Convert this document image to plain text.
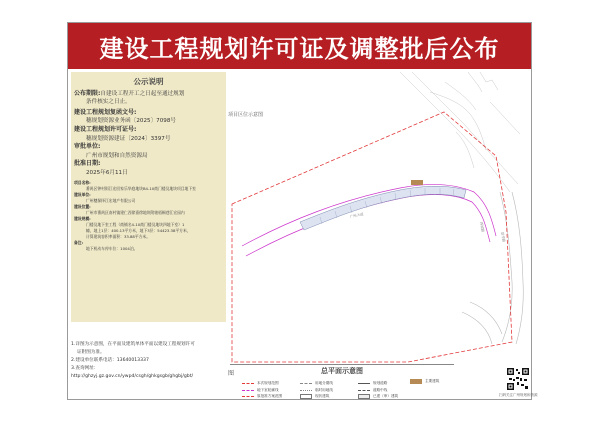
建设工程规划许可证及调整批后公布
公示说明
公布期限:自建设工程开工之日起至通过规划
条件核实之日止。
建设工程规划复函文号:
穗规划资源业务函〔2025〕7098号
建设工程规划许可证号:
穗规划资源建证〔2024〕3397号
审批单位:
广州市规划和自然资源局
批准日期:
2025年6月11日
项目名称:
番禺区钟村街江宏回家乐华庭地块B4-10商门楼及地块项目地下室
建设单位:
广州穗保择江宏地产有限公司
建设位置:
广州市番禺区南村镇建仁西徐嘉徐地块附辖梧桐巷江宏园内
建设规模:
门楼及地下室工程（商铺名4-10商门楼及地块四地下室）1
幢，地上1层：400.13平方米，地下3层：54423.38平方米，
计算建筑容积率面积：33.88平方米。
备注:
地下机动车停车位：1004泊。
1.详图为示意图，在平面及建筑单体平面以建设工程规划许可
证附图为准。
2.建设单位联系电话：13640013337
3.查询网址：
http://ghzyj.gz.gov.cn/ywpd/csgh/ghkgsgb/ghgbj/gbt/
广州大道
西坡路
景华路
项目区位示意图
图	总平面示意图
本次规划范围	用地分期线	规划道路	主要建筑
地下室轮廓线	临时用地线	道路中线
原批准方案范围	现状建筑	已建（审）建筑	扫码关注广州规划和资源
